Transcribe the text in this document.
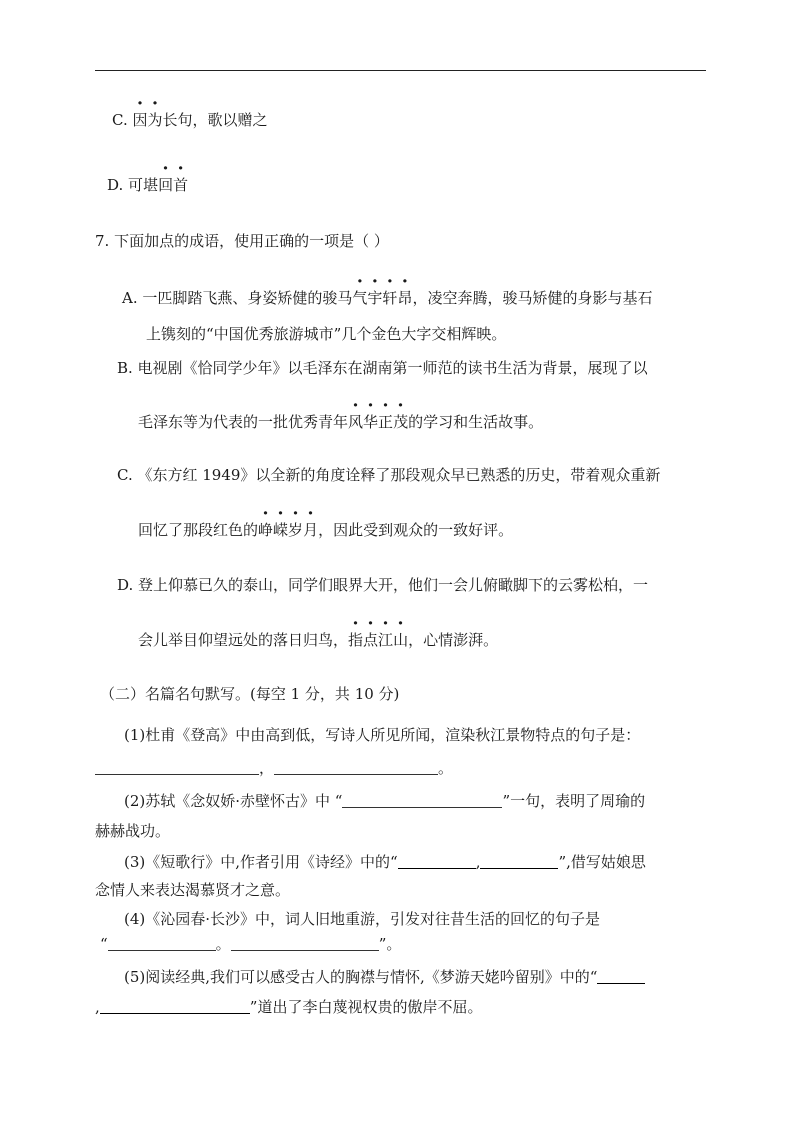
C. 因为长句，歌以赠之
D. 可堪回首
7. 下面加点的成语，使用正确的一项是（ ）
A. 一匹脚踏飞燕、身姿矫健的骏马气宇轩昂，凌空奔腾，骏马矫健的身影与基石
上镌刻的“中国优秀旅游城市”几个金色大字交相辉映。
B. 电视剧《恰同学少年》以毛泽东在湖南第一师范的读书生活为背景，展现了以
毛泽东等为代表的一批优秀青年风华正茂的学习和生活故事。
C. 《东方红 1949》以全新的角度诠释了那段观众早已熟悉的历史，带着观众重新
回忆了那段红色的峥嵘岁月，因此受到观众的一致好评。
D. 登上仰慕已久的泰山，同学们眼界大开，他们一会儿俯瞰脚下的云雾松柏，一
会儿举目仰望远处的落日归鸟，指点江山，心情澎湃。
（二）名篇名句默写。(每空 1 分，共 10 分)
(1)杜甫《登高》中由高到低，写诗人所见所闻，渲染秋江景物特点的句子是：
，	。
(2)苏轼《念奴娇·赤壁怀古》中 “	”一句，表明了周瑜的
赫赫战功。
(3)《短歌行》中,作者引用《诗经》中的“	,	”,借写姑娘思
念情人来表达渴慕贤才之意。
(4)《沁园春·长沙》中，词人旧地重游，引发对往昔生活的回忆的句子是
“	。	”。
(5)阅读经典,我们可以感受古人的胸襟与情怀,《梦游天姥吟留别》中的“
,	”道出了李白蔑视权贵的傲岸不屈。
